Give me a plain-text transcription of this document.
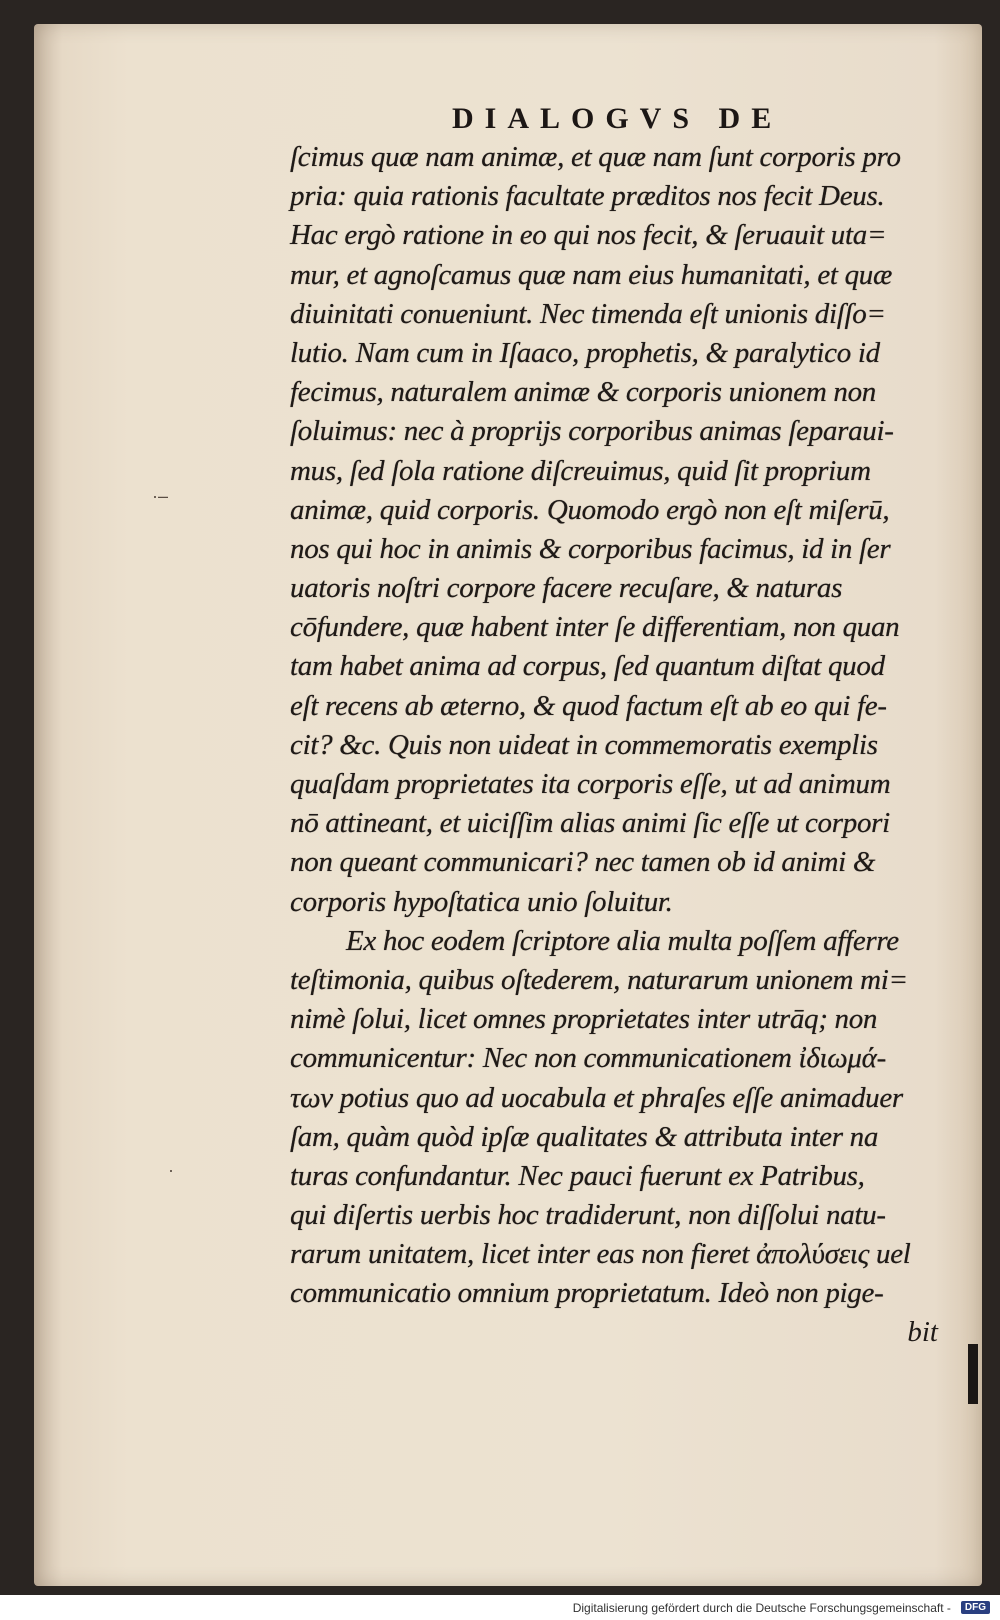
DIALOGVS DE
·–
·
ſcimus quæ nam animæ, et quæ nam ſunt corporis pro
pria: quia rationis facultate præditos nos fecit Deus.
Hac ergò ratione in eo qui nos fecit, & ſeruauit uta=
mur, et agnoſcamus quæ nam eius humanitati, et quæ
diuinitati conueniunt. Nec timenda eſt unionis diſſo=
lutio. Nam cum in Iſaaco, prophetis, & paralytico id
fecimus, naturalem animæ & corporis unionem non
ſoluimus: nec à proprijs corporibus animas ſeparaui-
mus, ſed ſola ratione diſcreuimus, quid ſit proprium
animæ, quid corporis. Quomodo ergò non eſt miſerū,
nos qui hoc in animis & corporibus facimus, id in ſer
uatoris noſtri corpore facere recuſare, & naturas
cōfundere, quæ habent inter ſe differentiam, non quan
tam habet anima ad corpus, ſed quantum diſtat quod
eſt recens ab æterno, & quod factum eſt ab eo qui fe-
cit? &c. Quis non uideat in commemoratis exemplis
quaſdam proprietates ita corporis eſſe, ut ad animum
nō attineant, et uiciſſim alias animi ſic eſſe ut corpori
non queant communicari? nec tamen ob id animi &
corporis hypoſtatica unio ſoluitur.
Ex hoc eodem ſcriptore alia multa poſſem afferre
teſtimonia, quibus oſtederem, naturarum unionem mi=
nimè ſolui, licet omnes proprietates inter utrāq; non
communicentur: Nec non communicationem ἰδιωμά-
των potius quo ad uocabula et phraſes eſſe animaduer
ſam, quàm quòd ipſæ qualitates & attributa inter na
turas confundantur. Nec pauci fuerunt ex Patribus,
qui diſertis uerbis hoc tradiderunt, non diſſolui natu-
rarum unitatem, licet inter eas non fieret ἀπολύσεις uel
communicatio omnium proprietatum. Ideò non pige-
bit
Digitalisierung gefördert durch die Deutsche Forschungsgemeinschaft - DFG
